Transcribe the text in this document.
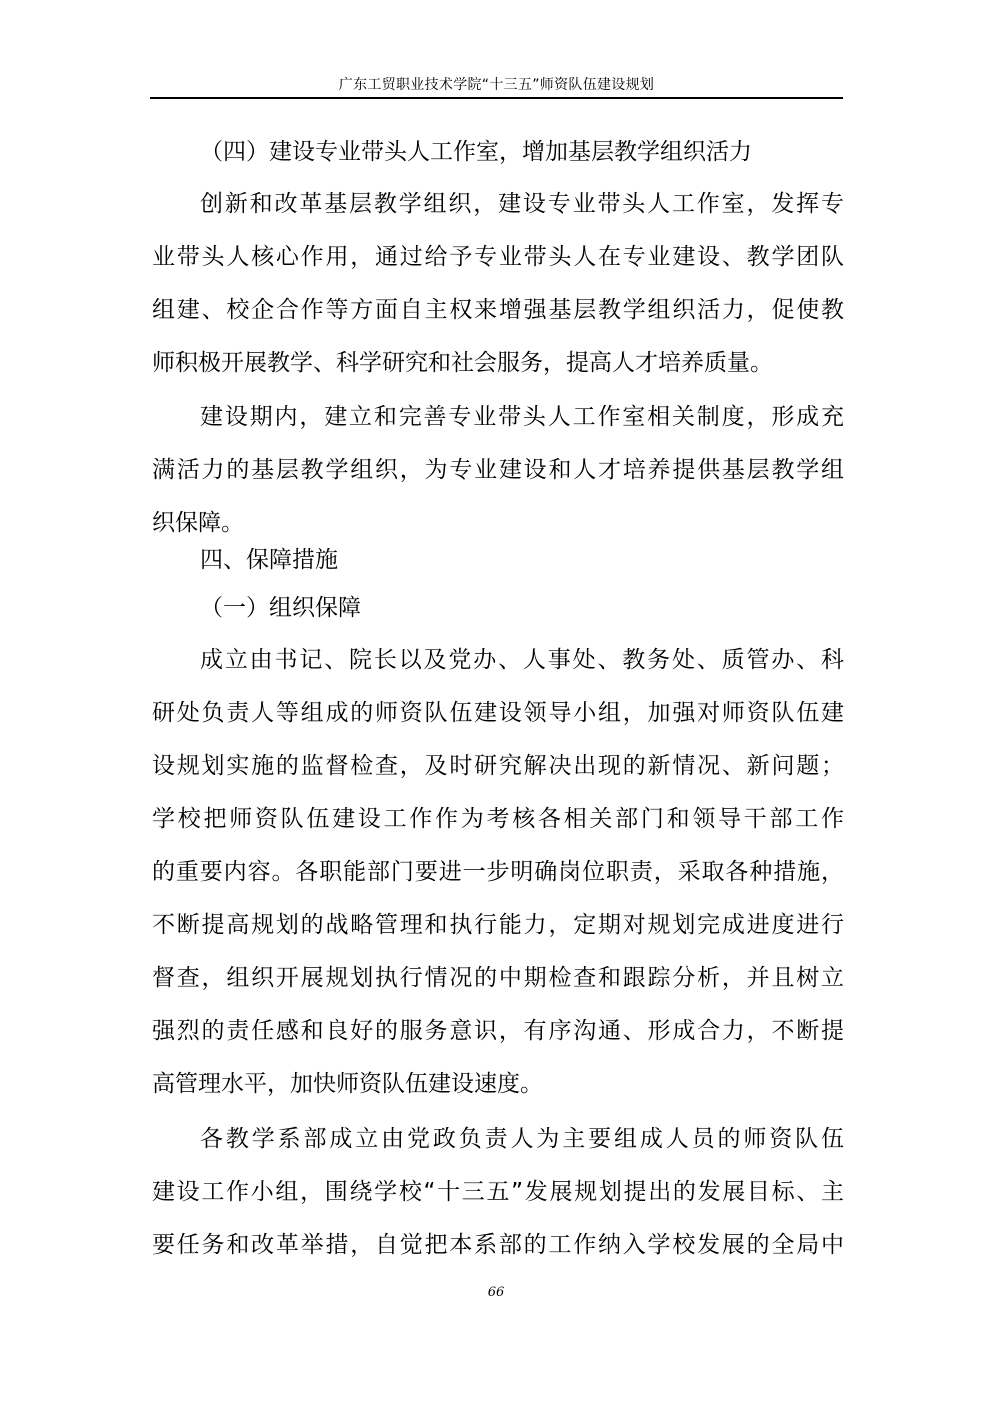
广东工贸职业技术学院“十三五”师资队伍建设规划
（四）建设专业带头人工作室，增加基层教学组织活力
创新和改革基层教学组织，建设专业带头人工作室，发挥专
业带头人核心作用，通过给予专业带头人在专业建设、教学团队
组建、校企合作等方面自主权来增强基层教学组织活力，促使教
师积极开展教学、科学研究和社会服务，提高人才培养质量。
建设期内，建立和完善专业带头人工作室相关制度，形成充
满活力的基层教学组织，为专业建设和人才培养提供基层教学组
织保障。
四、保障措施
（一）组织保障
成立由书记、院长以及党办、人事处、教务处、质管办、科
研处负责人等组成的师资队伍建设领导小组，加强对师资队伍建
设规划实施的监督检查，及时研究解决出现的新情况、新问题；
学校把师资队伍建设工作作为考核各相关部门和领导干部工作
的重要内容。各职能部门要进一步明确岗位职责，采取各种措施，
不断提高规划的战略管理和执行能力，定期对规划完成进度进行
督查，组织开展规划执行情况的中期检查和跟踪分析，并且树立
强烈的责任感和良好的服务意识，有序沟通、形成合力，不断提
高管理水平，加快师资队伍建设速度。
各教学系部成立由党政负责人为主要组成人员的师资队伍
建设工作小组，围绕学校“十三五”发展规划提出的发展目标、主
要任务和改革举措，自觉把本系部的工作纳入学校发展的全局中
66
